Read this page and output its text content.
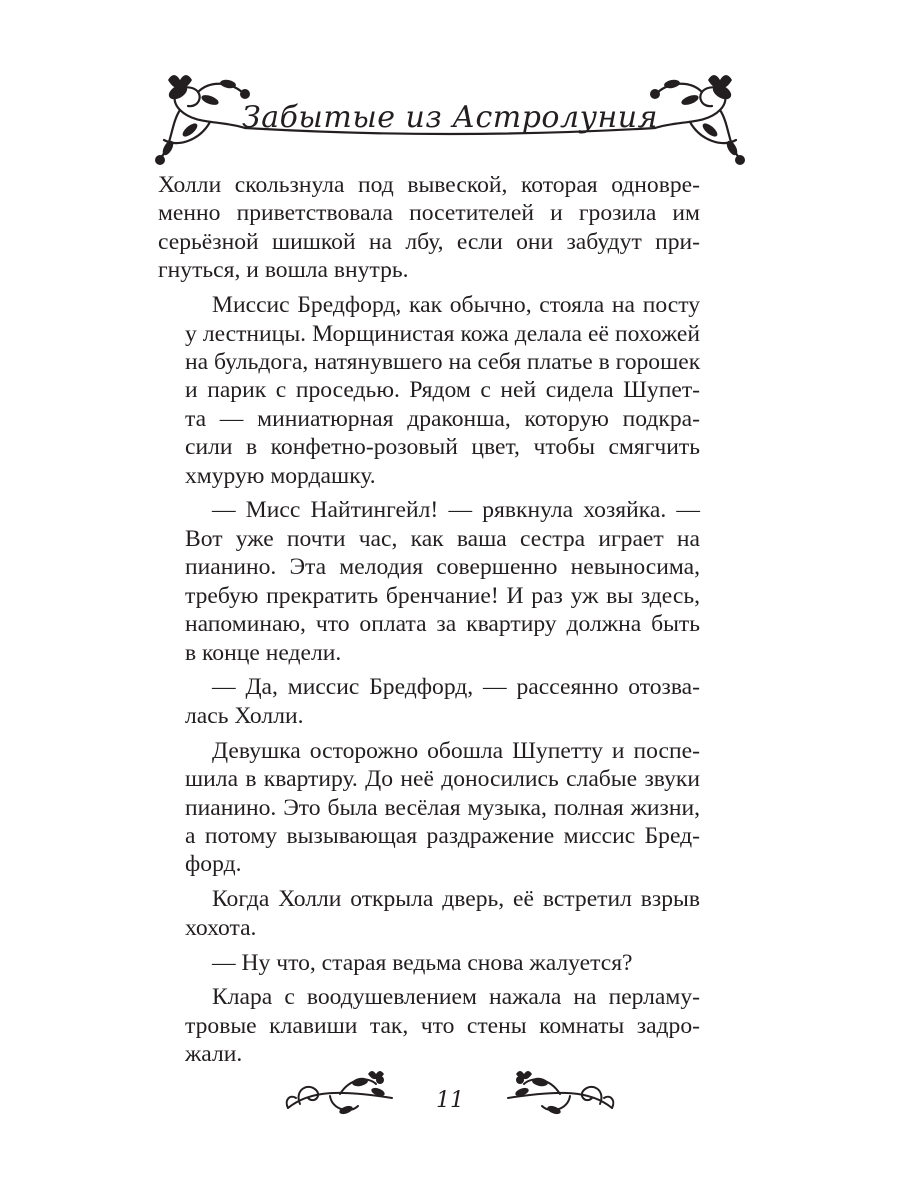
Забытые из Астролуния

Холли скользнула под вывеской, которая одновре-
менно приветствовала посетителей и грозила им
серьёзной шишкой на лбу, если они забудут при-
гнуться, и вошла внутрь.

Миссис Бредфорд, как обычно, стояла на посту
у лестницы. Морщинистая кожа делала её похожей
на бульдога, натянувшего на себя платье в горошек
и парик с проседью. Рядом с ней сидела Шупет-
та — миниатюрная драконша, которую подкра-
сили в конфетно-розовый цвет, чтобы смягчить
хмурую мордашку.

— Мисс Найтингейл! — рявкнула хозяйка. —
Вот уже почти час, как ваша сестра играет на
пианино. Эта мелодия совершенно невыносима,
требую прекратить бренчание! И раз уж вы здесь,
напоминаю, что оплата за квартиру должна быть
в конце недели.

— Да, миссис Бредфорд, — рассеянно отозва-
лась Холли.

Девушка осторожно обошла Шупетту и поспе-
шила в квартиру. До неё доносились слабые звуки
пианино. Это была весёлая музыка, полная жизни,
а потому вызывающая раздражение миссис Бред-
форд.

Когда Холли открыла дверь, её встретил взрыв
хохота.

— Ну что, старая ведьма снова жалуется?

Клара с воодушевлением нажала на перламу-
тровые клавиши так, что стены комнаты задро-
жали.

11
